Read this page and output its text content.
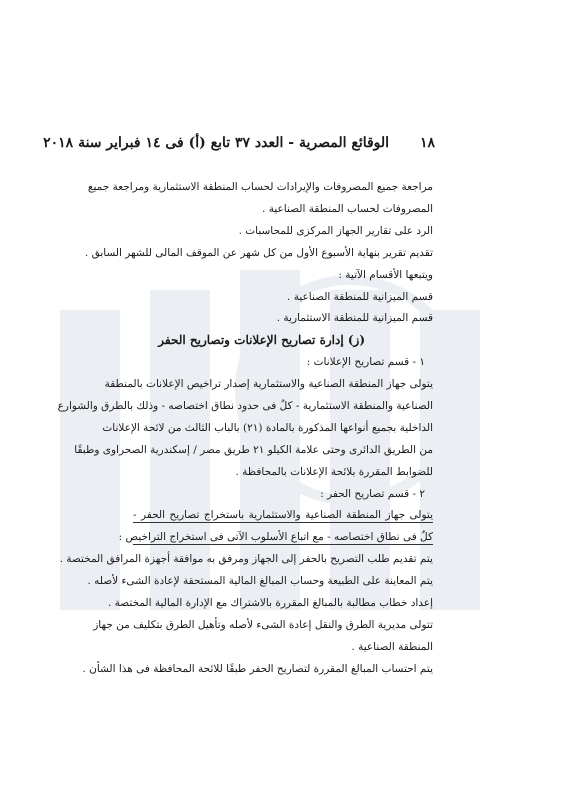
١٨ الوقائع المصرية - العدد ٣٧ تابع (أ) فى ١٤ فبراير سنة ٢٠١٨
مراجعة جميع المصروفات والإيرادات لحساب المنطقة الاستثمارية ومراجعة جميع
المصروفات لحساب المنطقة الصناعية .
الرد على تقارير الجهاز المركزى للمحاسبات .
تقديم تقرير بنهاية الأسبوع الأول من كل شهر عن الموقف المالى للشهر السابق .
ويتبعها الأقسام الآتية :
قسم الميزانية للمنطقة الصناعية .
قسم الميزانية للمنطقة الاستثمارية .
(ز) إدارة تصاريح الإعلانات وتصاريح الحفر
١ - قسم تصاريح الإعلانات :
يتولى جهاز المنطقة الصناعية والاستثمارية إصدار تراخيص الإعلانات بالمنطقة
الصناعية والمنطقة الاستثمارية - كلٌ فى حدود نطاق اختصاصه - وذلك بالطرق والشوارع
الداخلية بجميع أنواعها المذكورة بالمادة (٢١) بالباب الثالث من لائحة الإعلانات
من الطريق الدائرى وحتى علامة الكيلو ٢١ طريق مصر / إسكندرية الصحراوى وطبقًا
للضوابط المقررة بلائحة الإعلانات بالمحافظة .
٢ - قسم تصاريح الحفر :
يتولى جهاز المنطقة الصناعية والاستثمارية باستخراج تصاريح الحفر -
كلٌ فى نطاق اختصاصه - مع اتباع الأسلوب الآتى فى استخراج التراخيص :
يتم تقديم طلب التصريح بالحفر إلى الجهاز ومرفق به موافقة أجهزة المرافق المختصة .
يتم المعاينة على الطبيعة وحساب المبالغ المالية المستحقة لإعادة الشىء لأصله .
إعداد خطاب مطالبة بالمبالغ المقررة بالاشتراك مع الإدارة المالية المختصة .
تتولى مديرية الطرق والنقل إعادة الشىء لأصله وتأهيل الطرق بتكليف من جهاز
المنطقة الصناعية .
يتم احتساب المبالغ المقررة لتصاريح الحفر طبقًا للائحة المحافظة فى هذا الشأن .
